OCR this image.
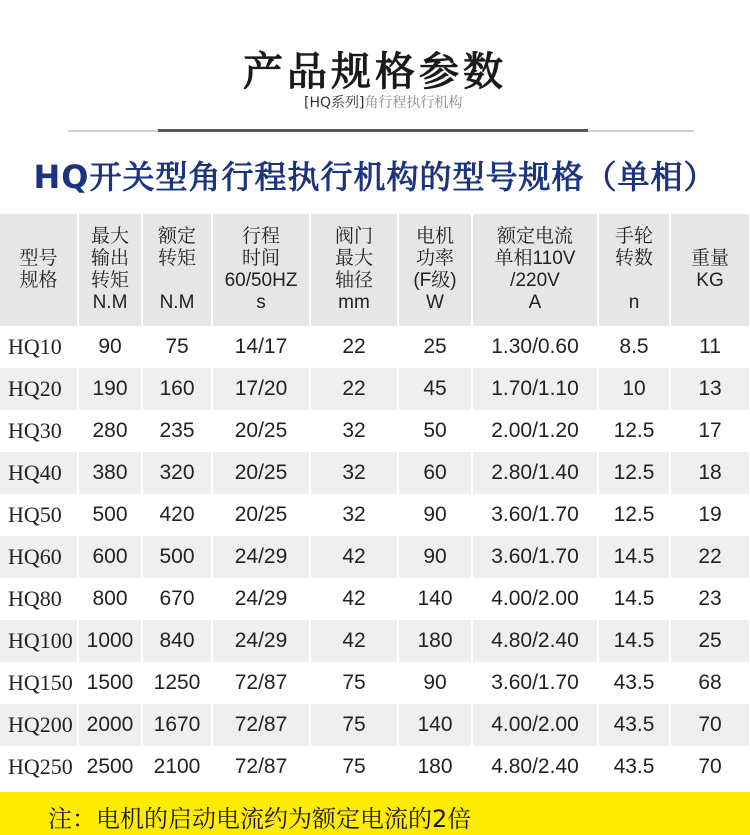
产品规格参数
[HQ系列]角行程执行机构
HQ开关型角行程执行机构的型号规格（单相）
型号
规格	最大
输出
转矩
N.M	额定
转矩

N.M	行程
时间
60/50HZ
s	阀门
最大
轴径
mm	电机
功率
(F级)
W	额定电流
单相110V
/220V
A	手轮
转数

n	重量
KG

HQ10	90	75	14/17	22	25	1.30/0.60	8.5	11
HQ20	190	160	17/20	22	45	1.70/1.10	10	13
HQ30	280	235	20/25	32	50	2.00/1.20	12.5	17
HQ40	380	320	20/25	32	60	2.80/1.40	12.5	18
HQ50	500	420	20/25	32	90	3.60/1.70	12.5	19
HQ60	600	500	24/29	42	90	3.60/1.70	14.5	22
HQ80	800	670	24/29	42	140	4.00/2.00	14.5	23
HQ100	1000	840	24/29	42	180	4.80/2.40	14.5	25
HQ150	1500	1250	72/87	75	90	3.60/1.70	43.5	68
HQ200	2000	1670	72/87	75	140	4.00/2.00	43.5	70
HQ250	2500	2100	72/87	75	180	4.80/2.40	43.5	70
注：电机的启动电流约为额定电流的2倍
